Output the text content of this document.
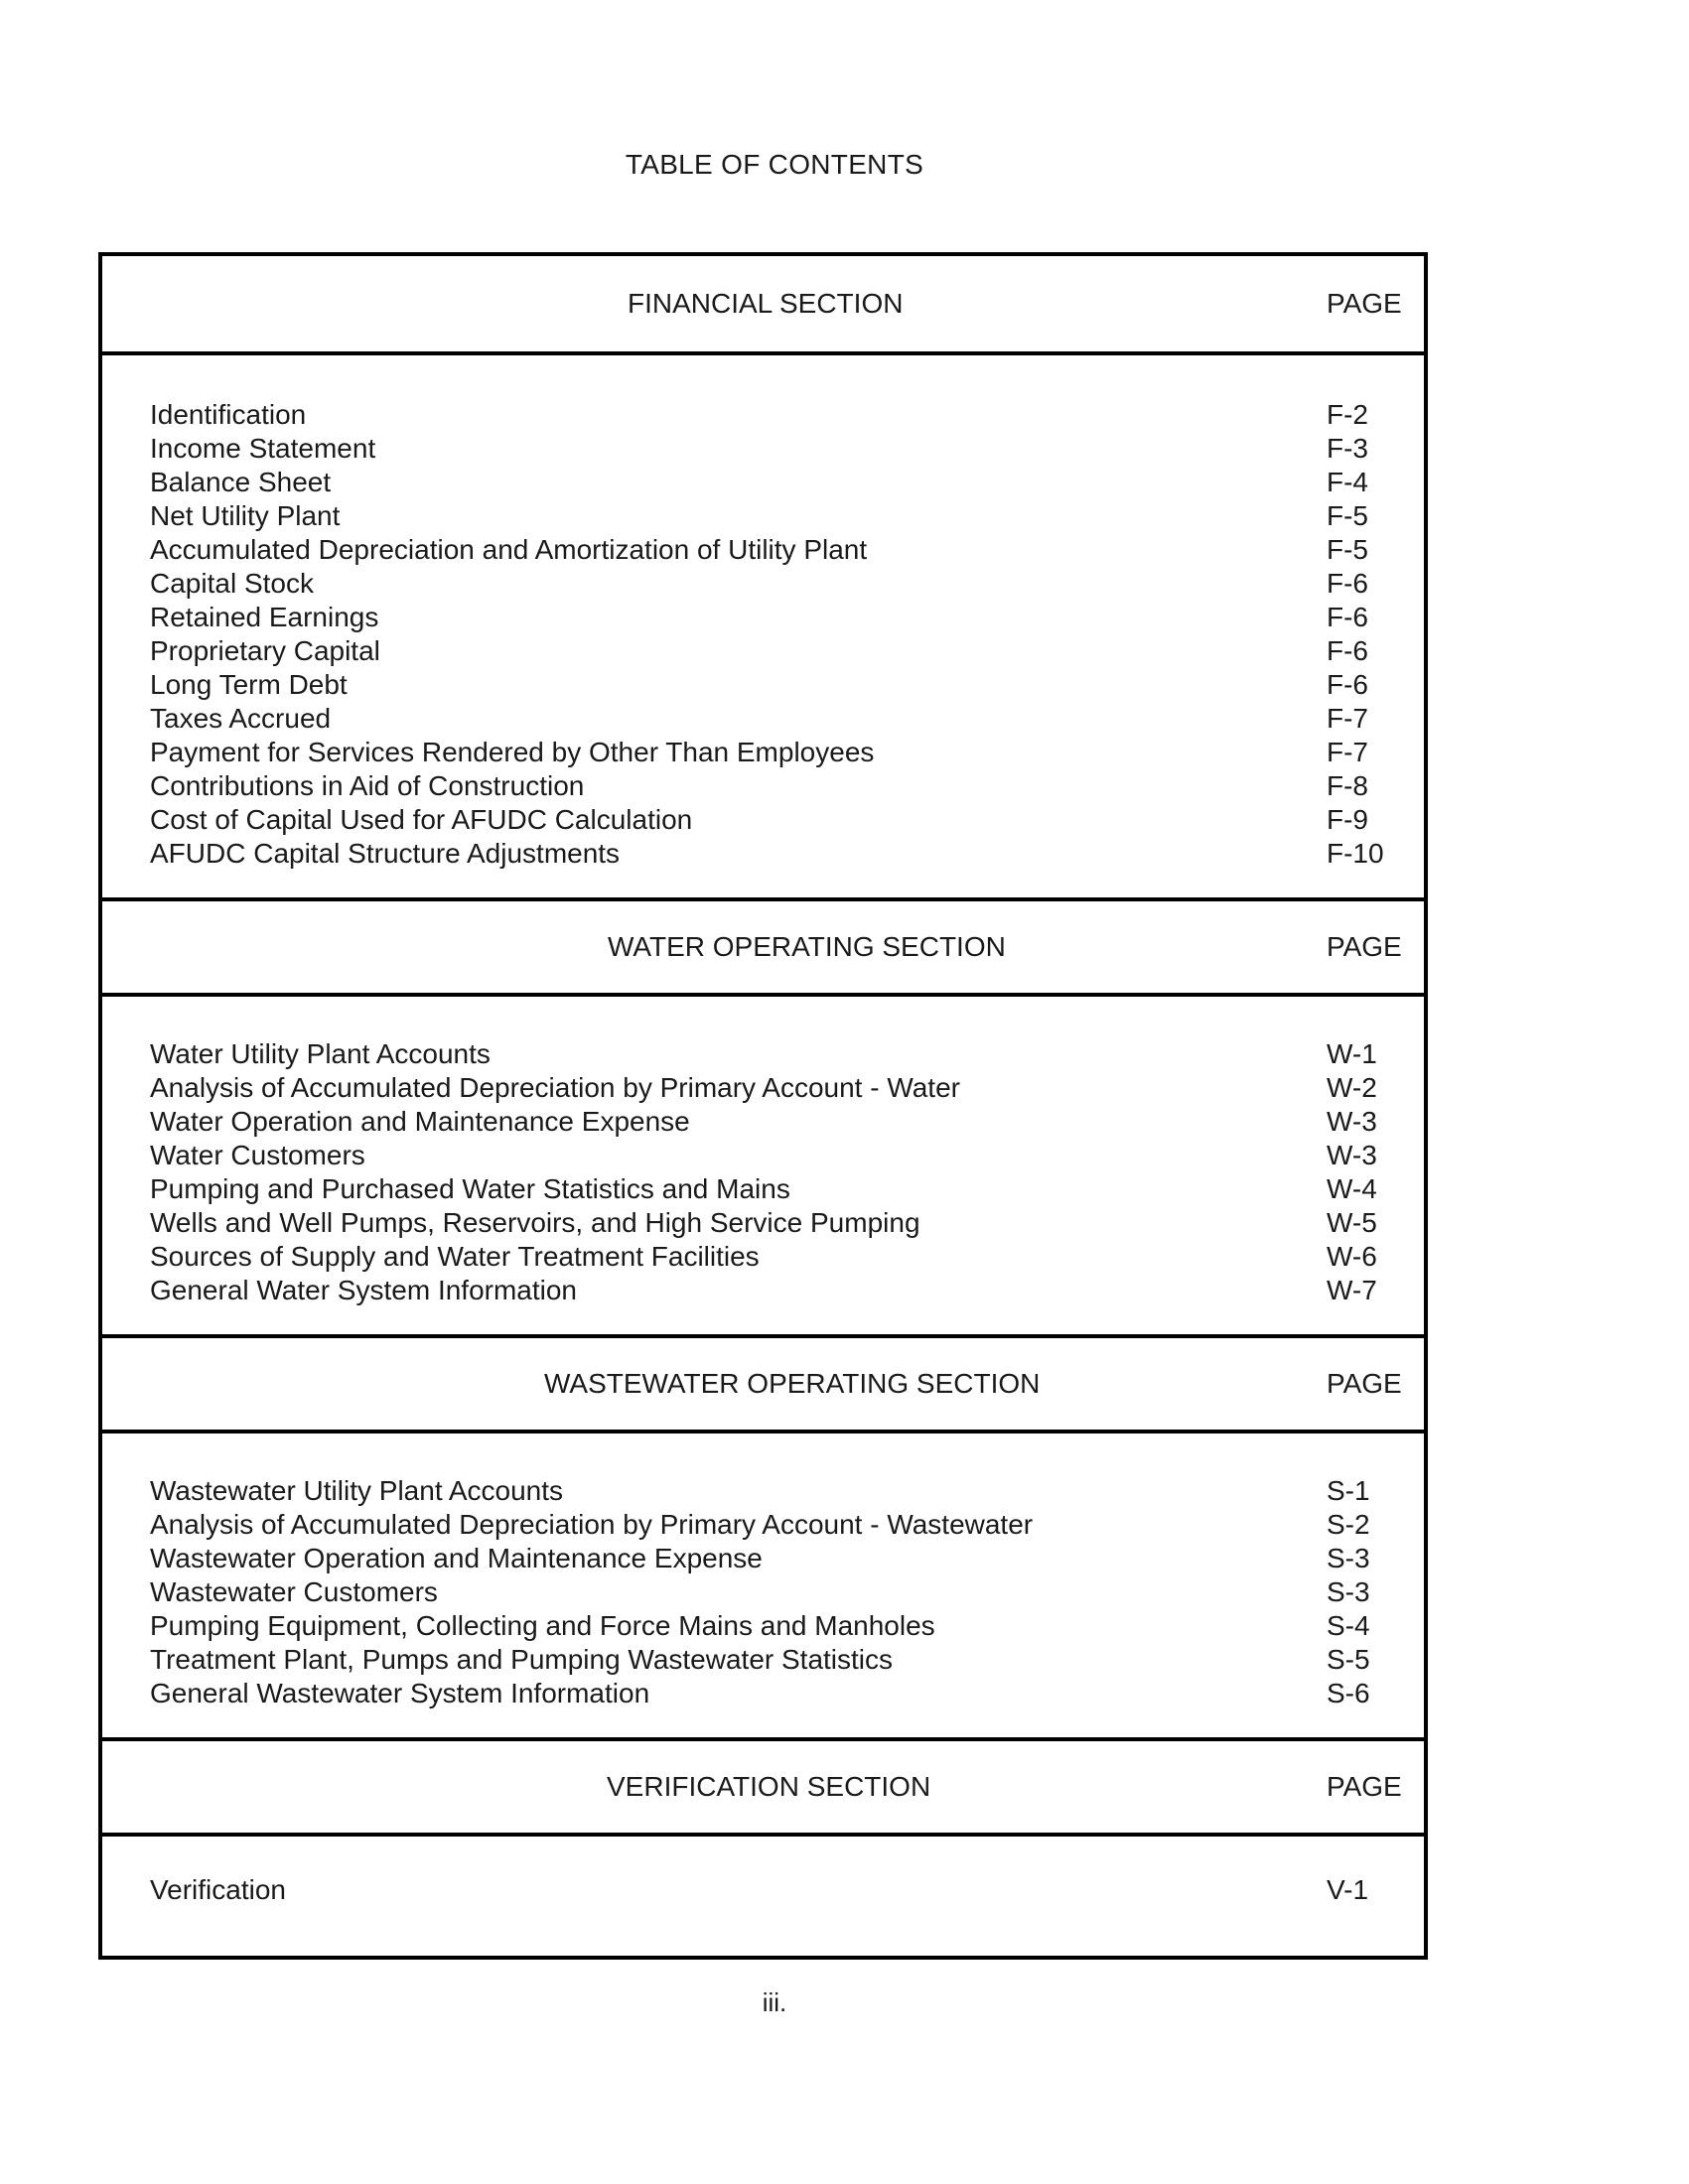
TABLE OF CONTENTS
FINANCIAL SECTION	PAGE
Identification	F-2
Income Statement	F-3
Balance Sheet	F-4
Net Utility Plant	F-5
Accumulated Depreciation and Amortization of Utility Plant	F-5
Capital Stock	F-6
Retained Earnings	F-6
Proprietary Capital	F-6
Long Term Debt	F-6
Taxes Accrued	F-7
Payment for Services Rendered by Other Than Employees	F-7
Contributions in Aid of Construction	F-8
Cost of Capital Used for AFUDC Calculation	F-9
AFUDC Capital Structure Adjustments	F-10
WATER OPERATING SECTION	PAGE
Water Utility Plant Accounts	W-1
Analysis of Accumulated Depreciation by Primary Account - Water	W-2
Water Operation and Maintenance Expense	W-3
Water Customers	W-3
Pumping and Purchased Water Statistics and Mains	W-4
Wells and Well Pumps, Reservoirs, and High Service Pumping	W-5
Sources of Supply and Water Treatment Facilities	W-6
General Water System Information	W-7
WASTEWATER OPERATING SECTION	PAGE
Wastewater Utility Plant Accounts	S-1
Analysis of Accumulated Depreciation by Primary Account - Wastewater	S-2
Wastewater Operation and Maintenance Expense	S-3
Wastewater Customers	S-3
Pumping Equipment, Collecting and Force Mains and Manholes	S-4
Treatment Plant, Pumps and Pumping Wastewater Statistics	S-5
General Wastewater System Information	S-6
VERIFICATION SECTION	PAGE
Verification	V-1
iii.
